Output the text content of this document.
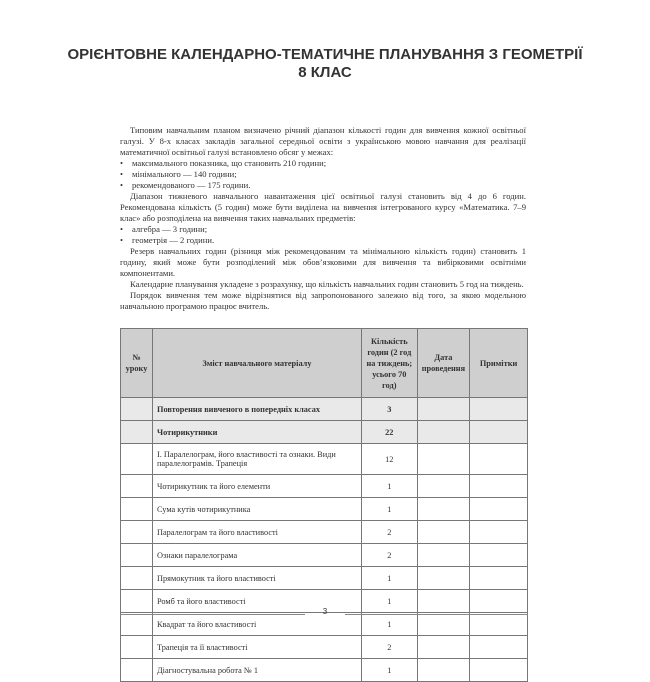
ОРІЄНТОВНЕ КАЛЕНДАРНО-ТЕМАТИЧНЕ ПЛАНУВАННЯ З ГЕОМЕТРІЇ
8 КЛАС

Типовим навчальним планом визначено річний діапазон кількості годин для вивчення кожної освітньої галузі. У 8-х класах закладів загальної середньої освіти з українською мовою навчання для реалізації математичної освітньої галузі встановлено обсяг у межах:

• максимального показника, що становить 210 години;
• мінімального — 140 години;
• рекомендованого — 175 години.

Діапазон тижневого навчального навантаження цієї освітньої галузі становить від 4 до 6 годин. Рекомендована кількість (5 годин) може бути виділена на вивчення інтегрованого курсу «Математика. 7–9 клас» або розподілена на вивчення таких навчальних предметів:

• алгебра — 3 години;
• геометрія — 2 години.

Резерв навчальних годин (різниця між рекомендованим та мінімальною кількість годин) становить 1 годину, який може бути розподілений між обов’язковими для вивчення та вибірковими освітніми компонентами.

Календарне планування укладене з розрахунку, що кількість навчальних годин становить 5 год на тиждень.

Порядок вивчення тем може відрізнятися від запропонованого залежно від того, за якою модельною навчальною програмою працює вчитель.

№ уроку	Зміст навчального матеріалу	Кількість годин (2 год на тиждень; усього 70 год)	Дата проведення	Примітки
	Повторення вивченого в попередніх класах	3		
	Чотирикутники	22		
	І. Паралелограм, його властивості та ознаки. Види паралелограмів. Трапеція	12		
	Чотирикутник та його елементи	1		
	Сума кутів чотирикутника	1		
	Паралелограм та його властивості	2		
	Ознаки паралелограма	2		
	Прямокутник та його властивості	1		
	Ромб та його властивості	1		
	Квадрат та його властивості	1		
	Трапеція та її властивості	2		
	Діагностувальна робота № 1	1		
3
